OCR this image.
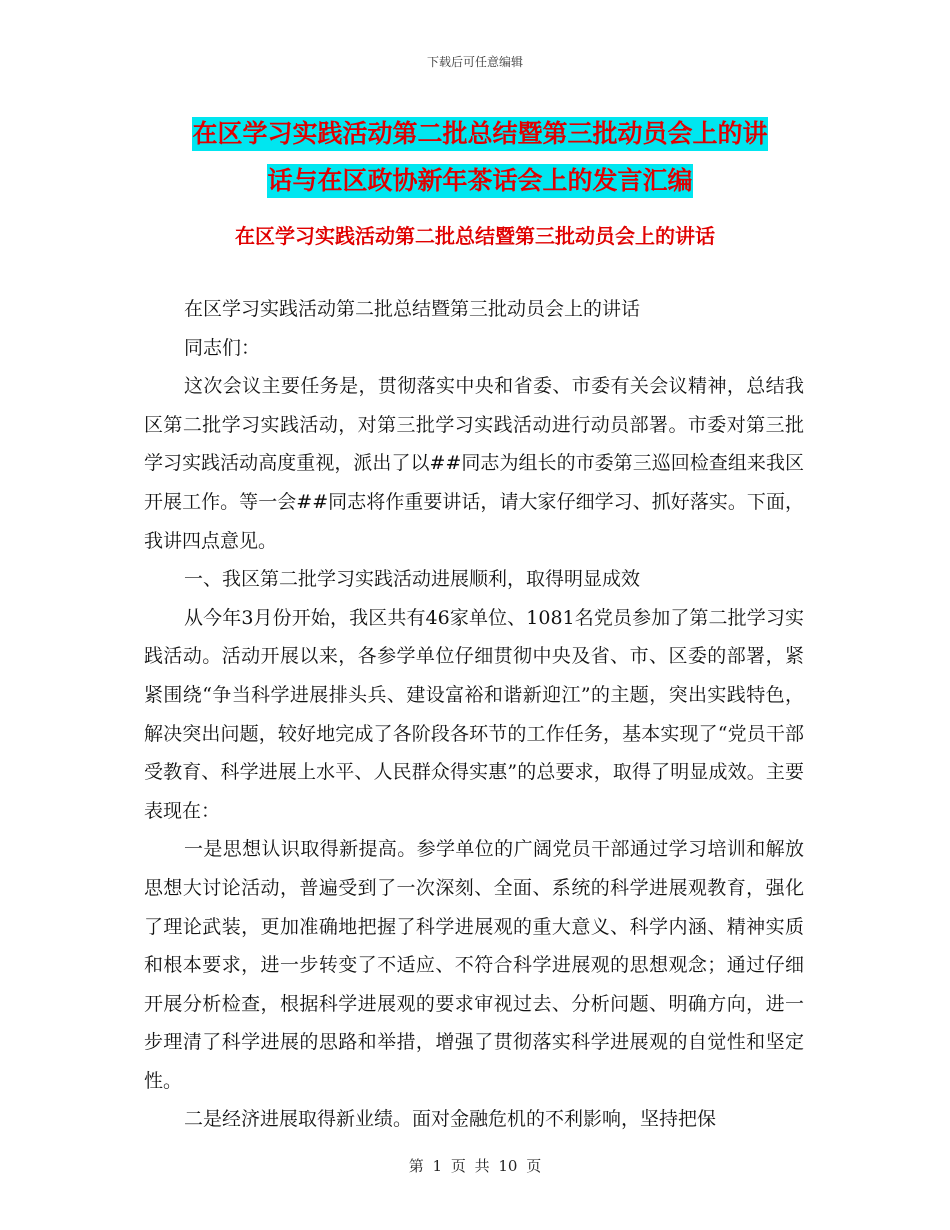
下载后可任意编辑
在区学习实践活动第二批总结暨第三批动员会上的讲
话与在区政协新年茶话会上的发言汇编
在区学习实践活动第二批总结暨第三批动员会上的讲话

在区学习实践活动第二批总结暨第三批动员会上的讲话

同志们：

这次会议主要任务是，贯彻落实中央和省委、市委有关会议精神，总结我区第二批学习实践活动，对第三批学习实践活动进行动员部署。市委对第三批学习实践活动高度重视，派出了以##同志为组长的市委第三巡回检查组来我区开展工作。等一会##同志将作重要讲话，请大家仔细学习、抓好落实。下面，我讲四点意见。

一、我区第二批学习实践活动进展顺利，取得明显成效

从今年3月份开始，我区共有46家单位、1081名党员参加了第二批学习实践活动。活动开展以来，各参学单位仔细贯彻中央及省、市、区委的部署，紧紧围绕“争当科学进展排头兵、建设富裕和谐新迎江”的主题，突出实践特色，解决突出问题，较好地完成了各阶段各环节的工作任务，基本实现了“党员干部受教育、科学进展上水平、人民群众得实惠”的总要求，取得了明显成效。主要表现在：

一是思想认识取得新提高。参学单位的广阔党员干部通过学习培训和解放思想大讨论活动，普遍受到了一次深刻、全面、系统的科学进展观教育，强化了理论武装，更加准确地把握了科学进展观的重大意义、科学内涵、精神实质和根本要求，进一步转变了不适应、不符合科学进展观的思想观念；通过仔细开展分析检查，根据科学进展观的要求审视过去、分析问题、明确方向，进一步理清了科学进展的思路和举措，增强了贯彻落实科学进展观的自觉性和坚定性。

二是经济进展取得新业绩。面对金融危机的不利影响，坚持把保

第 1 页 共 10 页
